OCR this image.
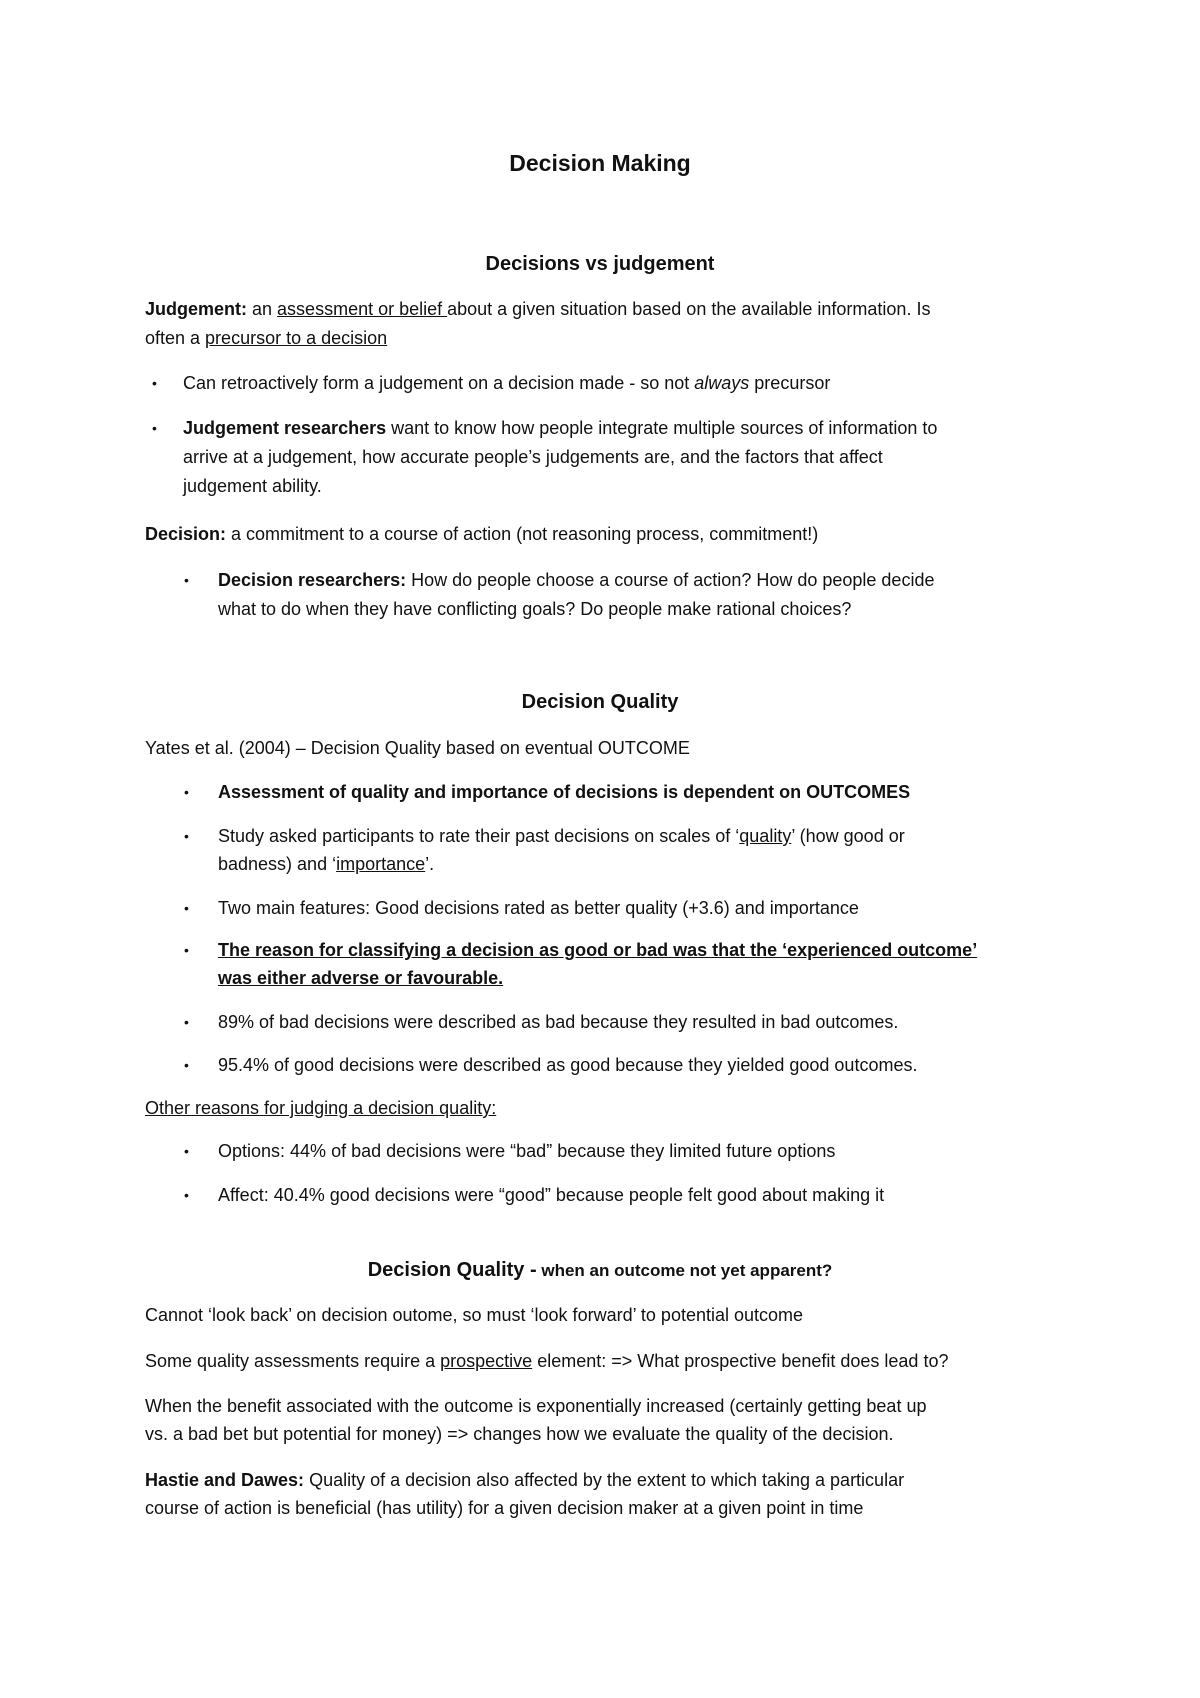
Decision Making
Decisions vs judgement
Judgement: an assessment or belief about a given situation based on the available information. Is
often a precursor to a decision
• Can retroactively form a judgement on a decision made - so not always precursor
• Judgement researchers want to know how people integrate multiple sources of information to
arrive at a judgement, how accurate people’s judgements are, and the factors that affect
judgement ability.
Decision: a commitment to a course of action (not reasoning process, commitment!)
• Decision researchers: How do people choose a course of action? How do people decide
what to do when they have conflicting goals? Do people make rational choices?
Decision Quality
Yates et al. (2004) – Decision Quality based on eventual OUTCOME
• Assessment of quality and importance of decisions is dependent on OUTCOMES
• Study asked participants to rate their past decisions on scales of ‘quality’ (how good or
badness) and ‘importance’.
• Two main features: Good decisions rated as better quality (+3.6) and importance
• The reason for classifying a decision as good or bad was that the ‘experienced outcome’
was either adverse or favourable.
• 89% of bad decisions were described as bad because they resulted in bad outcomes.
• 95.4% of good decisions were described as good because they yielded good outcomes.
Other reasons for judging a decision quality:
• Options: 44% of bad decisions were “bad” because they limited future options
• Affect: 40.4% good decisions were “good” because people felt good about making it
Decision Quality - when an outcome not yet apparent?
Cannot ‘look back’ on decision outome, so must ‘look forward’ to potential outcome
Some quality assessments require a prospective element: => What prospective benefit does lead to?
When the benefit associated with the outcome is exponentially increased (certainly getting beat up
vs. a bad bet but potential for money) => changes how we evaluate the quality of the decision.
Hastie and Dawes: Quality of a decision also affected by the extent to which taking a particular
course of action is beneficial (has utility) for a given decision maker at a given point in time
